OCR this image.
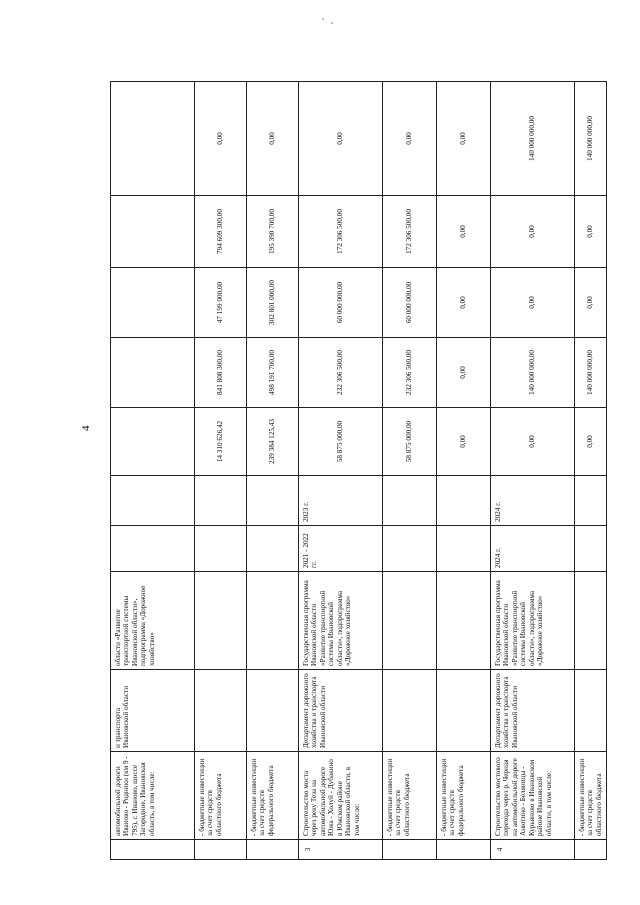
4
	автомобильной дороги Иваново - Родники (км 9 - 795), г. Иваново, шоссе Загородное, Ивановская область, в том числе:	и транспорта Ивановской области	области «Развитие транспортной системы Ивановской области», подпрограмма «Дорожное хозяйство»							
	- бюджетные инвестиции за счет средств областного бюджета					14 310 626,42	841 808 300,00	47 199 000,00	794 609 300,00	0,00
	- бюджетные инвестиции за счет средств федерального бюджета					239 384 125,43	498 191 700,00	302 801 000,00	195 390 700,00	0,00
3	Строительство моста через реку Теза на автомобильной дороге Южа - Холуй - Дубакино в Южском районе Ивановской области, в том числе:	Департамент дорожного хозяйства и транспорта Ивановской области	Государственная программа Ивановской области «Развитие транспортной системы Ивановской области», подпрограмма «Дорожное хозяйство»	2021 - 2022 гг.	2023 г.	58 875 000,00	232 306 500,00	60 000 000,00	172 306 500,00	0,00
	- бюджетные инвестиции за счет средств областного бюджета					58 875 000,00	232 306 500,00	60 000 000,00	172 306 500,00	0,00
	- бюджетные инвестиции за счет средств федерального бюджета					0,00	0,00	0,00	0,00	0,00
4	Строительство мостового перехода через р. Черная на автомобильной дороге Анютино - Беляницы - Курьяново в Ивановском районе Ивановской области, в том числе:	Департамент дорожного хозяйства и транспорта Ивановской области	Государственная программа Ивановской области «Развитие транспортной системы Ивановской области», подпрограмма «Дорожное хозяйство»	2024 г.	2024 г.	0,00	140 000 000,00	0,00	0,00	140 000 000,00
	- бюджетные инвестиции за счет средств областного бюджета					0,00	140 000 000,00	0,00	0,00	140 000 000,00
